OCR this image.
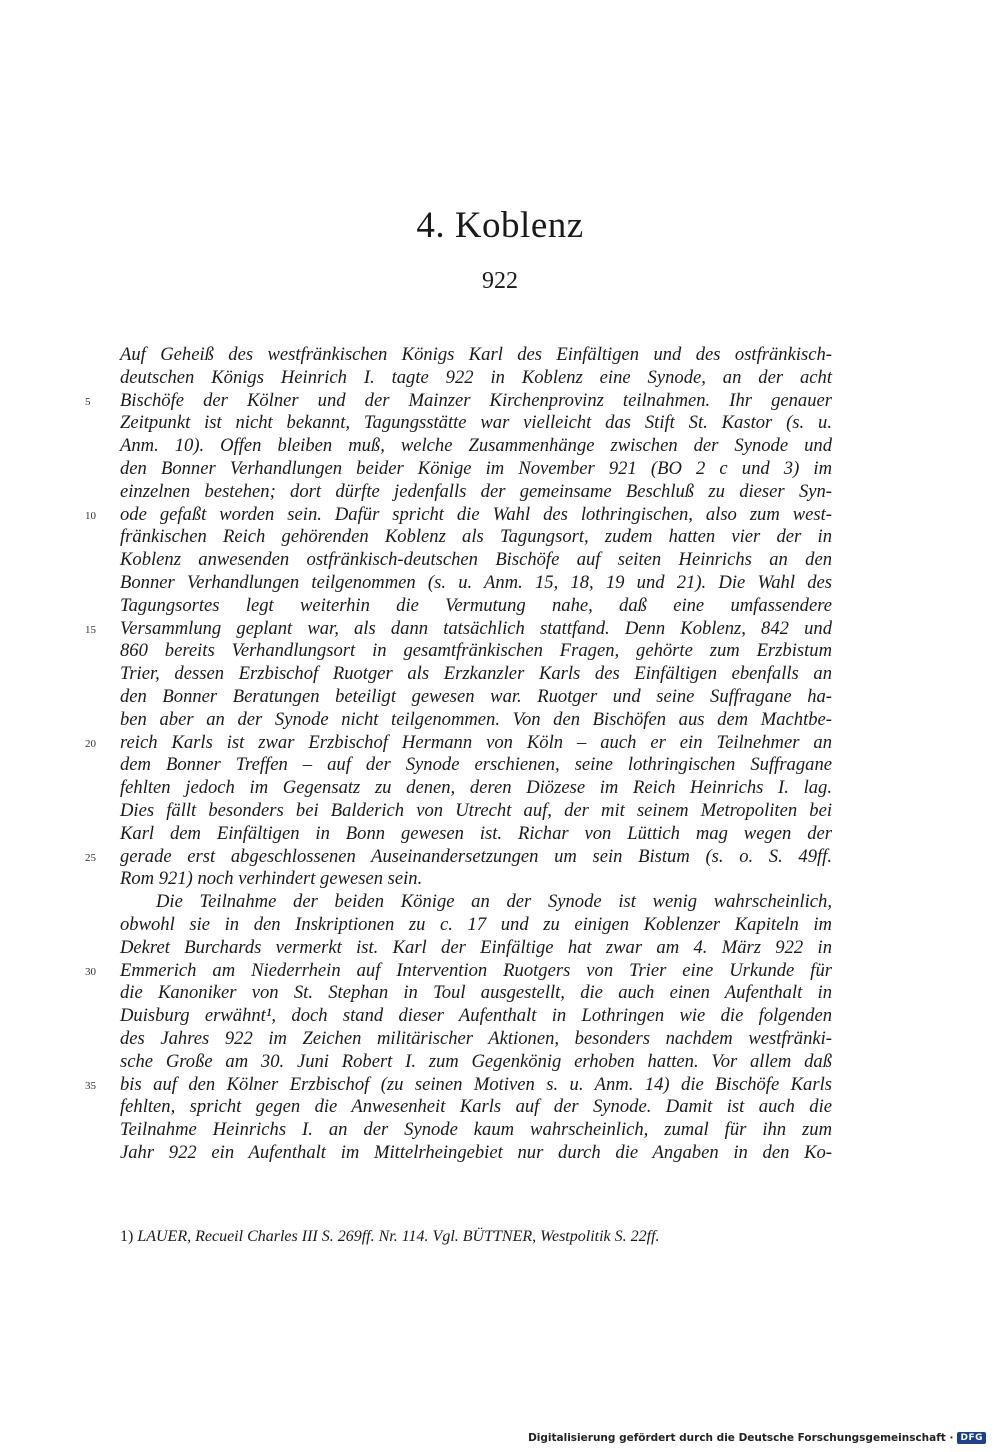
4. Koblenz
922
Auf Geheiß des westfränkischen Königs Karl des Einfältigen und des ostfränkisch-
deutschen Königs Heinrich I. tagte 922 in Koblenz eine Synode, an der acht
Bischöfe der Kölner und der Mainzer Kirchenprovinz teilnahmen. Ihr genauer
Zeitpunkt ist nicht bekannt, Tagungsstätte war vielleicht das Stift St. Kastor (s. u.
Anm. 10). Offen bleiben muß, welche Zusammenhänge zwischen der Synode und
den Bonner Verhandlungen beider Könige im November 921 (BO 2 c und 3) im
einzelnen bestehen; dort dürfte jedenfalls der gemeinsame Beschluß zu dieser Syn-
ode gefaßt worden sein. Dafür spricht die Wahl des lothringischen, also zum west-
fränkischen Reich gehörenden Koblenz als Tagungsort, zudem hatten vier der in
Koblenz anwesenden ostfränkisch-deutschen Bischöfe auf seiten Heinrichs an den
Bonner Verhandlungen teilgenommen (s. u. Anm. 15, 18, 19 und 21). Die Wahl des
Tagungsortes legt weiterhin die Vermutung nahe, daß eine umfassendere
Versammlung geplant war, als dann tatsächlich stattfand. Denn Koblenz, 842 und
860 bereits Verhandlungsort in gesamtfränkischen Fragen, gehörte zum Erzbistum
Trier, dessen Erzbischof Ruotger als Erzkanzler Karls des Einfältigen ebenfalls an
den Bonner Beratungen beteiligt gewesen war. Ruotger und seine Suffragane ha-
ben aber an der Synode nicht teilgenommen. Von den Bischöfen aus dem Machtbe-
reich Karls ist zwar Erzbischof Hermann von Köln – auch er ein Teilnehmer an
dem Bonner Treffen – auf der Synode erschienen, seine lothringischen Suffragane
fehlten jedoch im Gegensatz zu denen, deren Diözese im Reich Heinrichs I. lag.
Dies fällt besonders bei Balderich von Utrecht auf, der mit seinem Metropoliten bei
Karl dem Einfältigen in Bonn gewesen ist. Richar von Lüttich mag wegen der
gerade erst abgeschlossenen Auseinandersetzungen um sein Bistum (s. o. S. 49ff.
Rom 921) noch verhindert gewesen sein.
Die Teilnahme der beiden Könige an der Synode ist wenig wahrscheinlich,
obwohl sie in den Inskriptionen zu c. 17 und zu einigen Koblenzer Kapiteln im
Dekret Burchards vermerkt ist. Karl der Einfältige hat zwar am 4. März 922 in
Emmerich am Niederrhein auf Intervention Ruotgers von Trier eine Urkunde für
die Kanoniker von St. Stephan in Toul ausgestellt, die auch einen Aufenthalt in
Duisburg erwähnt¹, doch stand dieser Aufenthalt in Lothringen wie die folgenden
des Jahres 922 im Zeichen militärischer Aktionen, besonders nachdem westfränki-
sche Große am 30. Juni Robert I. zum Gegenkönig erhoben hatten. Vor allem daß
bis auf den Kölner Erzbischof (zu seinen Motiven s. u. Anm. 14) die Bischöfe Karls
fehlten, spricht gegen die Anwesenheit Karls auf der Synode. Damit ist auch die
Teilnahme Heinrichs I. an der Synode kaum wahrscheinlich, zumal für ihn zum
Jahr 922 ein Aufenthalt im Mittelrheingebiet nur durch die Angaben in den Ko-
5
10
15
20
25
30
35
1) LAUER, Recueil Charles III S. 269ff. Nr. 114. Vgl. BÜTTNER, Westpolitik S. 22ff.
Digitalisierung gefördert durch die Deutsche Forschungsgemeinschaft · DFG
